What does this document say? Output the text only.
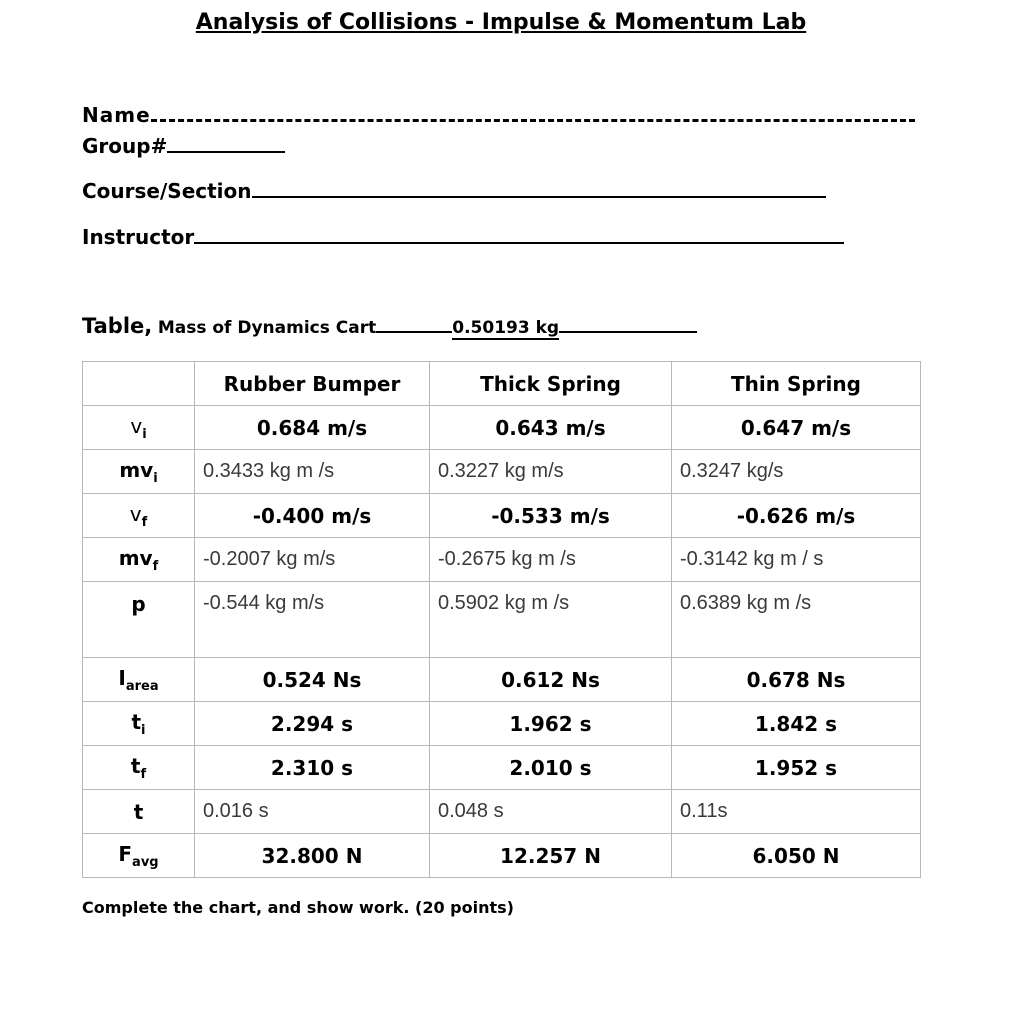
Analysis of Collisions - Impulse & Momentum Lab
Name
Group#
Course/Section
Instructor
Table, Mass of Dynamics Cart	0.50193 kg
	Rubber Bumper	Thick Spring	Thin Spring
$v_i$	0.684 m/s	0.643 m/s	0.647 m/s
$mv_i$	0.3433 kg m /s	0.3227 kg m/s	0.3247 kg/s
$v_f$	-0.400 m/s	-0.533 m/s	-0.626 m/s
$mv_f$	-0.2007 kg m/s	-0.2675 kg m /s	-0.3142 kg m / s
p	-0.544 kg m/s	0.5902 kg m /s	0.6389 kg m /s
$I_{area}$	0.524 Ns	0.612 Ns	0.678 Ns
$t_i$	2.294 s	1.962 s	1.842 s
$t_f$	2.310 s	2.010 s	1.952 s
t	0.016 s	0.048 s	0.11s
$F_{avg}$	32.800 N	12.257 N	6.050 N
Complete the chart, and show work. (20 points)
